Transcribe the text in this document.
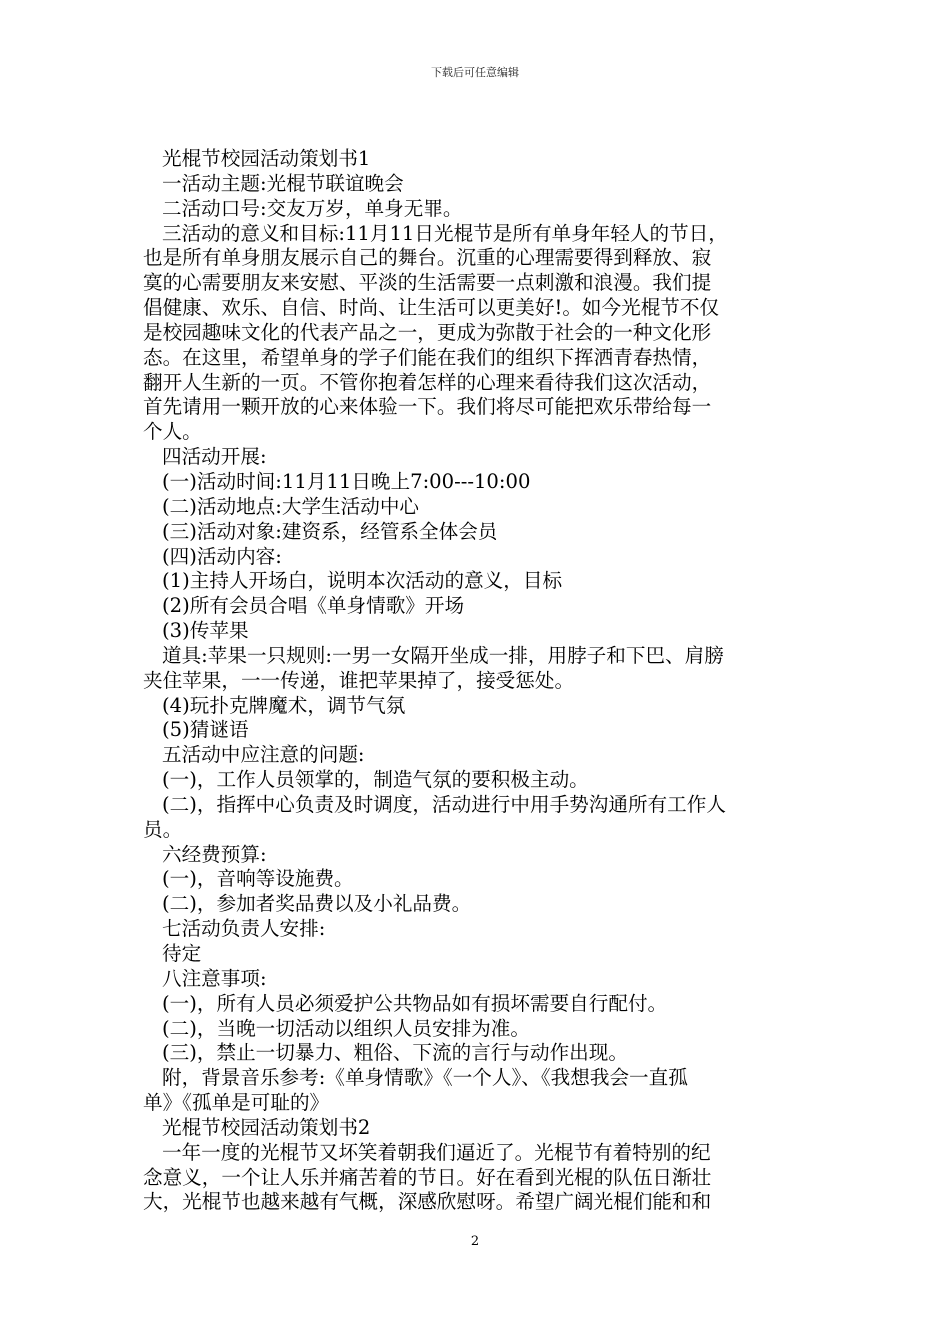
下载后可任意编辑

光棍节校园活动策划书1

一活动主题:光棍节联谊晚会

二活动口号:交友万岁，单身无罪。

三活动的意义和目标:11月11日光棍节是所有单身年轻人的节日，

也是所有单身朋友展示自己的舞台。沉重的心理需要得到释放、寂

寞的心需要朋友来安慰、平淡的生活需要一点刺激和浪漫。我们提

倡健康、欢乐、自信、时尚、让生活可以更美好!。如今光棍节不仅

是校园趣味文化的代表产品之一，更成为弥散于社会的一种文化形

态。在这里，希望单身的学子们能在我们的组织下挥洒青春热情，

翻开人生新的一页。不管你抱着怎样的心理来看待我们这次活动，

首先请用一颗开放的心来体验一下。我们将尽可能把欢乐带给每一

个人。

四活动开展:

(一)活动时间:11月11日晚上7:00---10:00

(二)活动地点:大学生活动中心

(三)活动对象:建资系，经管系全体会员

(四)活动内容:

(1)主持人开场白，说明本次活动的意义，目标

(2)所有会员合唱《单身情歌》开场

(3)传苹果

道具:苹果一只规则:一男一女隔开坐成一排，用脖子和下巴、肩膀

夹住苹果，一一传递，谁把苹果掉了，接受惩处。

(4)玩扑克牌魔术，调节气氛

(5)猜谜语

五活动中应注意的问题:

(一)，工作人员领掌的，制造气氛的要积极主动。

(二)，指挥中心负责及时调度，活动进行中用手势沟通所有工作人

员。

六经费预算:

(一)，音响等设施费。

(二)，参加者奖品费以及小礼品费。

七活动负责人安排:

待定

八注意事项:

(一)，所有人员必须爱护公共物品如有损坏需要自行配付。

(二)，当晚一切活动以组织人员安排为准。

(三)，禁止一切暴力、粗俗、下流的言行与动作出现。

附，背景音乐参考:《单身情歌》《一个人》、《我想我会一直孤

单》《孤单是可耻的》

光棍节校园活动策划书2

一年一度的光棍节又坏笑着朝我们逼近了。光棍节有着特别的纪

念意义，一个让人乐并痛苦着的节日。好在看到光棍的队伍日渐壮

大，光棍节也越来越有气概，深感欣慰呀。希望广阔光棍们能和和

2
